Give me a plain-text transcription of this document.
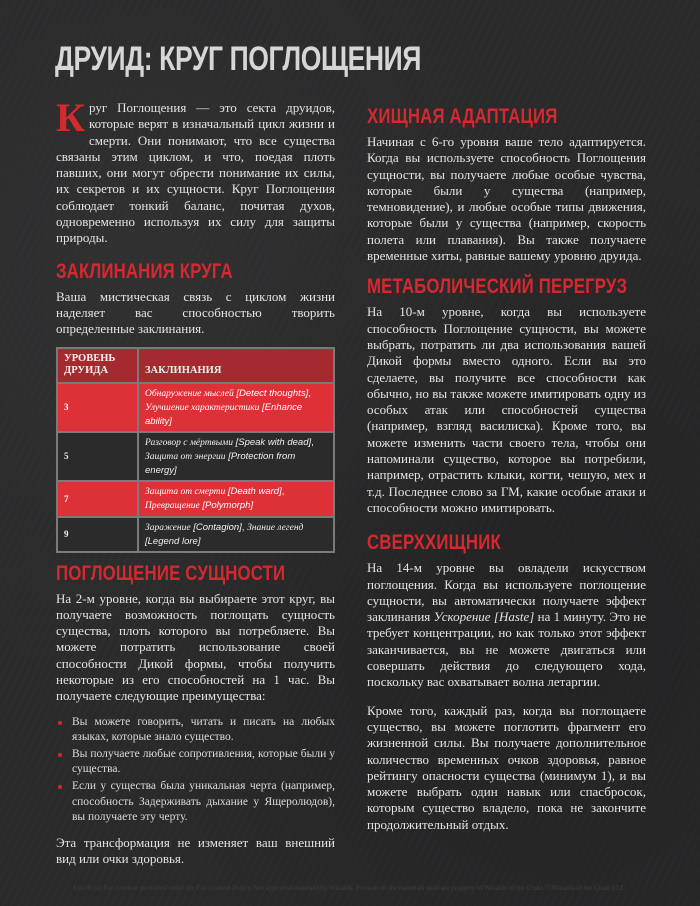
ДРУИД: КРУГ ПОГЛОЩЕНИЯ

Круг Поглощения — это секта друидов, которые верят в изначальный цикл жизни и смерти. Они понимают, что все существа связаны этим циклом, и что, поедая плоть павших, они могут обрести понимание их силы, их секретов и их сущности. Круг Поглощения соблюдает тонкий баланс, почитая духов, одновременно используя их силу для защиты природы.

ЗАКЛИНАНИЯ КРУГА

Ваша мистическая связь с циклом жизни наделяет вас способностью творить определенные заклинания.

УРОВЕНЬ ДРУИДА	ЗАКЛИНАНИЯ
3	Обнаружение мыслей [Detect thoughts], Улучшение характеристики [Enhance ability]
5	Разговор с мёртвыми [Speak with dead], Защита от энергии [Protection from energy]
7	Защита от смерти [Death ward], Превращение [Polymorph]
9	Заражение [Contagion], Знание легенд [Legend lore]
ПОГЛОЩЕНИЕ СУЩНОСТИ

На 2-м уровне, когда вы выбираете этот круг, вы получаете возможность поглощать сущность существа, плоть которого вы потребляете. Вы можете потратить использование своей способности Дикой формы, чтобы получить некоторые из его способностей на 1 час. Вы получаете следующие преимущества:

Вы можете говорить, читать и писать на любых языках, которые знало существо.
Вы получаете любые сопротивления, которые были у существа.
Если у существа была уникальная черта (например, способность Задерживать дыхание у Ящеролюдов), вы получаете эту черту.

Эта трансформация не изменяет ваш внешний вид или очки здоровья.

ХИЩНАЯ АДАПТАЦИЯ

Начиная с 6-го уровня ваше тело адаптируется. Когда вы используете способность Поглощения сущности, вы получаете любые особые чувства, которые были у существа (например, темновидение), и любые особые типы движения, которые были у существа (например, скорость полета или плавания). Вы также получаете временные хиты, равные вашему уровню друида.

МЕТАБОЛИЧЕСКИЙ ПЕРЕГРУЗ

На 10-м уровне, когда вы используете способность Поглощение сущности, вы можете выбрать, потратить ли два использования вашей Дикой формы вместо одного. Если вы это сделаете, вы получите все способности как обычно, но вы также можете имитировать одну из особых атак или способностей существа (например, взгляд василиска). Кроме того, вы можете изменить части своего тела, чтобы они напоминали существо, которое вы потребили, например, отрастить клыки, когти, чешую, мех и т.д. Последнее слово за ГМ, какие особые атаки и способности можно имитировать.

СВЕРХХИЩНИК

На 14-м уровне вы овладели искусством поглощения. Когда вы используете поглощение сущности, вы автоматически получаете эффект заклинания Ускорение [Haste] на 1 минуту. Это не требует концентрации, но как только этот эффект заканчивается, вы не можете двигаться или совершать действия до следующего хода, поскольку вас охватывает волна летаргии.

Кроме того, каждый раз, когда вы поглощаете существо, вы можете поглотить фрагмент его жизненной силы. Вы получаете дополнительное количество временных очков здоровья, равное рейтингу опасности существа (минимум 1), и вы можете выбрать один навык или спасбросок, которым существо владело, пока не закончите продолжительный отдых.

Unofficial Fan Content permitted under the Fan Content Policy. Not approved/endorsed by Wizards. Portions of the materials used are property of Wizards of the Coast. ©Wizards of the Coast LLC.
